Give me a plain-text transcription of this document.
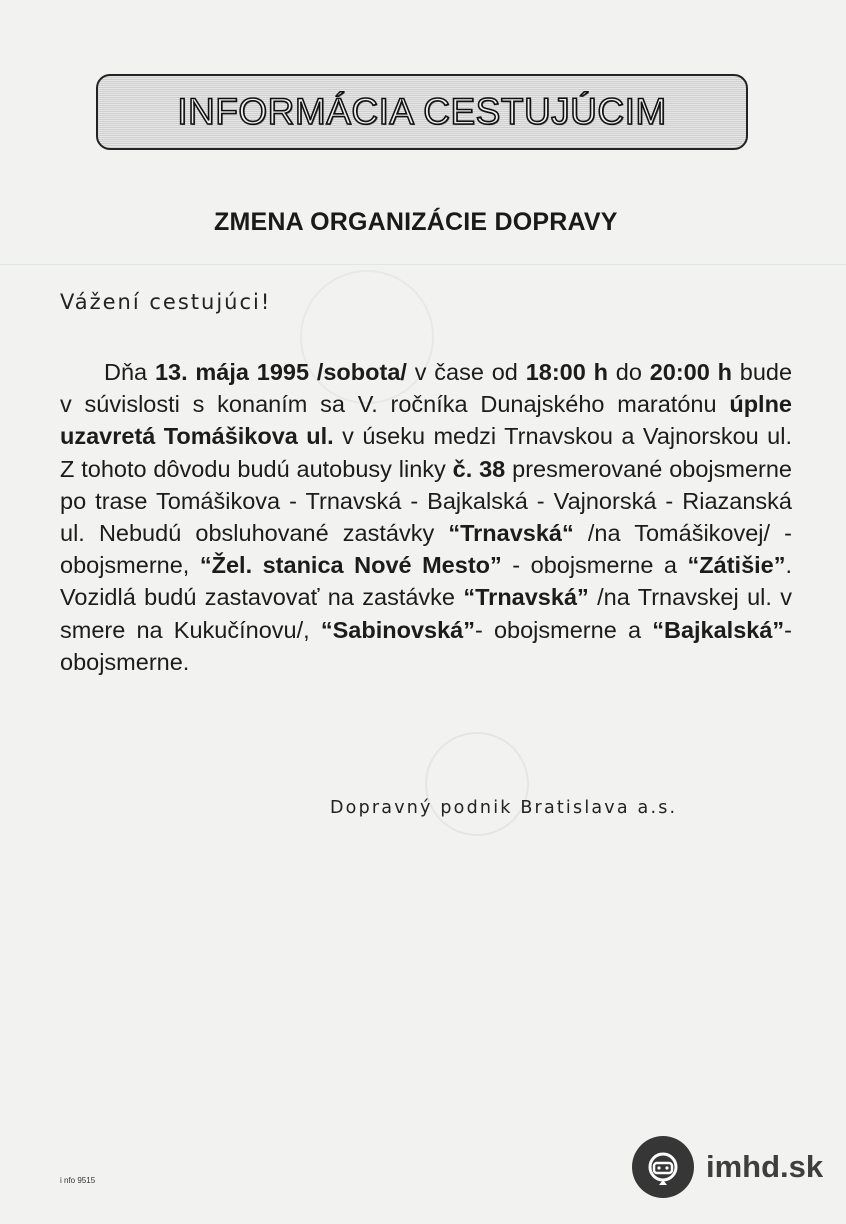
INFORMÁCIA CESTUJÚCIM
ZMENA ORGANIZÁCIE DOPRAVY
Vážení cestujúci!
Dňa 13. mája 1995 /sobota/ v čase od 18:00 h do 20:00 h bude v súvislosti s konaním sa V. ročníka Dunajského maratónu úplne uzavretá Tomášikova ul. v úseku medzi Trnavskou a Vajnorskou ul. Z tohoto dôvodu budú autobusy linky č. 38 presmerované obojsmerne po trase Tomášikova - Trnavská - Bajkalská - Vajnorská - Riazanská ul. Nebudú obsluhované zastávky “Trnavská“ /na Tomášikovej/ - obojsmerne, “Žel. stanica Nové Mesto” - obojsmerne a “Zátišie”. Vozidlá budú zastavovať na zastávke “Trnavská” /na Trnavskej ul. v smere na Kukučínovu/, “Sabinovská”- obojsmerne a “Bajkalská”- obojsmerne.
Dopravný podnik Bratislava a.s.
i nfo 9515	imhd.sk
